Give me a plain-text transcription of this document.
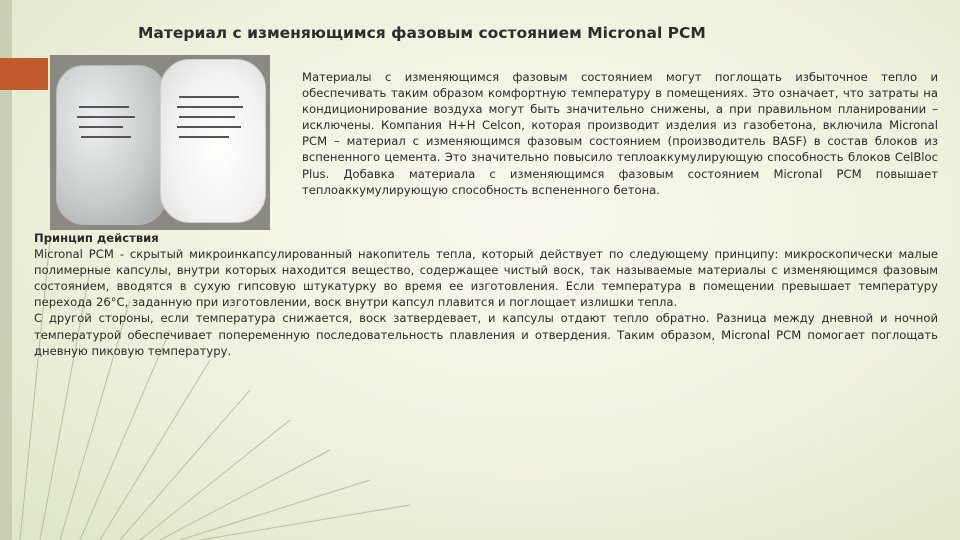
Материал с изменяющимся фазовым состоянием Micronal PCM
Материалы с изменяющимся фазовым состоянием могут поглощать избыточное тепло и обеспечивать таким образом комфортную температуру в помещениях. Это означает, что затраты на кондиционирование воздуха могут быть значительно снижены, а при правильном планировании –исключены. Компания H+H Celcon, которая производит изделия из газобетона, включила Micronal PCM – материал с изменяющимся фазовым состоянием (производитель BASF) в состав блоков из вспененного цемента. Это значительно повысило теплоаккумулирующую способность блоков CelBloc Plus. Добавка материала с изменяющимся фазовым состоянием Micronal PCM повышает теплоаккумулирующую способность вспененного бетона.
Принцип действия

Micronal PCM - скрытый микроинкапсулированный накопитель тепла, который действует по следующему принципу: микроскопически малые полимерные капсулы, внутри которых находится вещество, содержащее чистый воск, так называемые материалы с изменяющимся фазовым состоянием, вводятся в сухую гипсовую штукатурку во время ее изготовления. Если температура в помещении превышает температуру перехода 26°С, заданную при изготовлении, воск внутри капсул плавится и поглощает излишки тепла.

С другой стороны, если температура снижается, воск затвердевает, и капсулы отдают тепло обратно. Разница между дневной и ночной температурой обеспечивает попеременную последовательность плавления и отвердения. Таким образом, Micronal PCM помогает поглощать дневную пиковую температуру.
